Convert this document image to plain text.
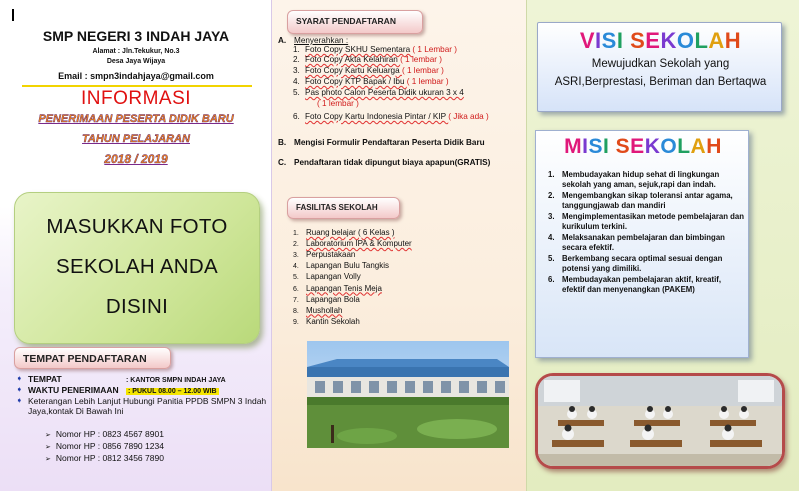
SMP NEGERI 3 INDAH JAYA
Alamat : Jln.Tekukur, No.3
Desa Jaya Wijaya
Email : smpn3indahjaya@gmail.com
INFORMASI
PENERIMAAN PESERTA DIDIK BARU
TAHUN PELAJARAN
2018 / 2019
MASUKKAN FOTO
SEKOLAH ANDA
DISINI
TEMPAT PENDAFTARAN
➧ TEMPAT	: KANTOR SMPN INDAH JAYA
➧ WAKTU PENERIMAAN : PUKUL 08.00 – 12.00 WIB
➧ Keterangan Lebih Lanjut Hubungi Panitia PPDB SMPN 3 Indah Jaya,kontak Di Bawah Ini
➢ Nomor HP : 0823 4567 8901
➢ Nomor HP : 0856 7890 1234
➢ Nomor HP : 0812 3456 7890
SYARAT PENDAFTARAN
A. Menyerahkan :
1. Foto Copy SKHU Sementara ( 1 Lembar )
2. Foto Copy Akta Kelahiran ( 1 lembar )
3. Foto Copy Kartu Keluarga ( 1 lembar )
4. Foto Copy KTP Bapak / Ibu ( 1 lembar )
5. Pas photo Calon Peserta Didik ukuran 3 x 4
( 1 lembar )
6. Foto Copy Kartu Indonesia Pintar / KIP ( Jika ada )
B. Mengisi Formulir Pendaftaran Peserta Didik Baru
C. Pendaftaran tidak dipungut biaya apapun(GRATIS)
FASILITAS SEKOLAH
1. Ruang belajar ( 6 Kelas )
2. Laboratorium IPA & Komputer
3. Perpustakaan
4. Lapangan Bulu Tangkis
5. Lapangan Volly
6. Lapangan Tenis Meja
7. Lapangan Bola
8. Mushollah
9. Kantin Sekolah
VISI SEKOLAH
Mewujudkan Sekolah yang ASRI,Berprestasi, Beriman dan Bertaqwa
MISI SEKOLAH
1. Membudayakan hidup sehat di lingkungan sekolah yang aman, sejuk,rapi dan indah.
2. Mengembangkan sikap toleransi antar agama, tanggungjawab dan mandiri
3. Mengimplementasikan metode pembelajaran dan kurikulum terkini.
4. Melaksanakan pembelajaran dan bimbingan secara efektif.
5. Berkembang secara optimal sesuai dengan potensi yang dimiliki.
6. Membudayakan pembelajaran aktif, kreatif, efektif dan menyenangkan (PAKEM)
